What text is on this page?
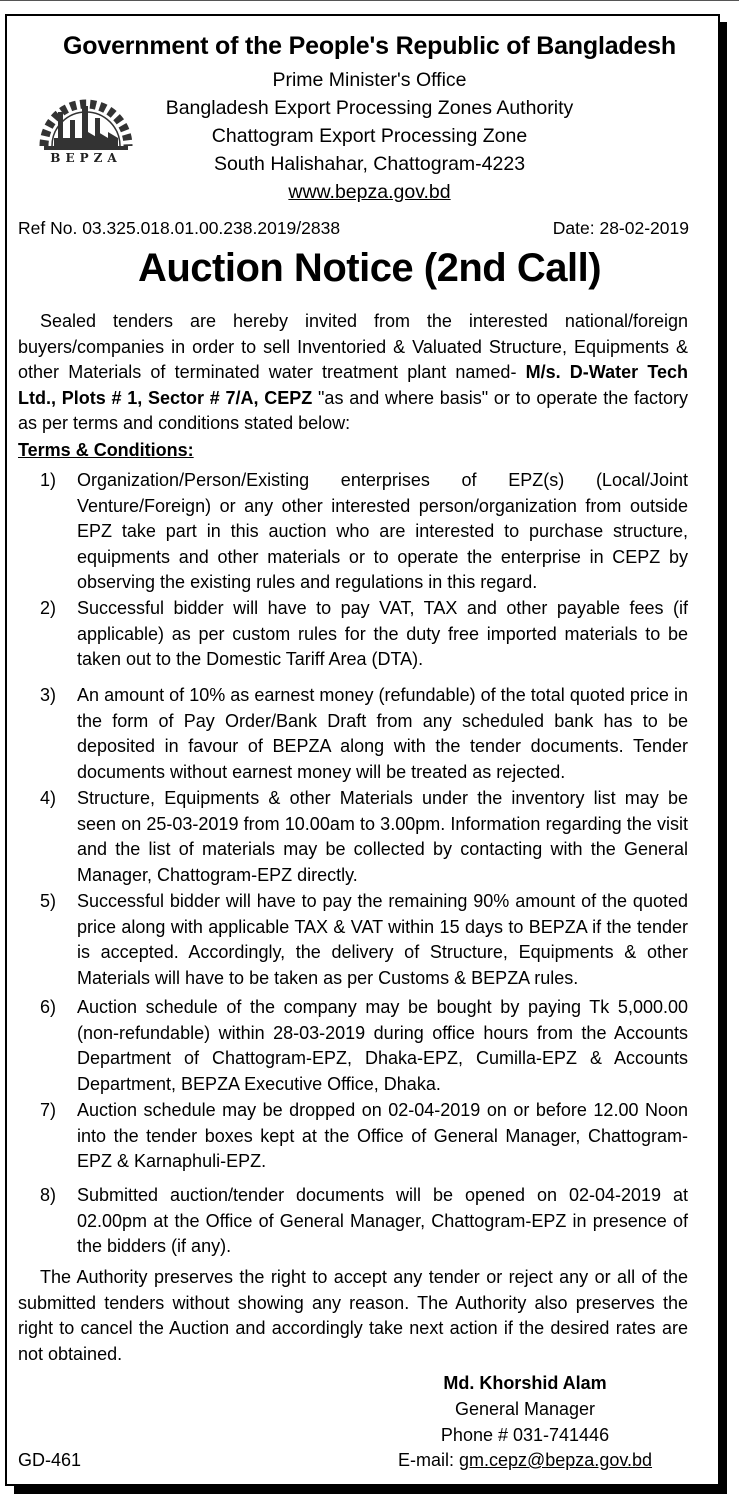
Government of the People's Republic of Bangladesh
Prime Minister's Office
Bangladesh Export Processing Zones Authority
Chattogram Export Processing Zone
South Halishahar, Chattogram-4223
www.bepza.gov.bd
BEPZA
Ref No. 03.325.018.01.00.238.2019/2838	Date: 28-02-2019
Auction Notice (2nd Call)
Sealed tenders are hereby invited from the interested national/foreign buyers/companies in order to sell Inventoried & Valuated Structure, Equipments & other Materials of terminated water treatment plant named- M/s. D-Water Tech Ltd., Plots # 1, Sector # 7/A, CEPZ "as and where basis" or to operate the factory as per terms and conditions stated below:
Terms & Conditions:
1) Organization/Person/Existing enterprises of EPZ(s) (Local/Joint Venture/Foreign) or any other interested person/organization from outside EPZ take part in this auction who are interested to purchase structure, equipments and other materials or to operate the enterprise in CEPZ by observing the existing rules and regulations in this regard.
2) Successful bidder will have to pay VAT, TAX and other payable fees (if applicable) as per custom rules for the duty free imported materials to be taken out to the Domestic Tariff Area (DTA).
3) An amount of 10% as earnest money (refundable) of the total quoted price in the form of Pay Order/Bank Draft from any scheduled bank has to be deposited in favour of BEPZA along with the tender documents. Tender documents without earnest money will be treated as rejected.
4) Structure, Equipments & other Materials under the inventory list may be seen on 25-03-2019 from 10.00am to 3.00pm. Information regarding the visit and the list of materials may be collected by contacting with the General Manager, Chattogram-EPZ directly.
5) Successful bidder will have to pay the remaining 90% amount of the quoted price along with applicable TAX & VAT within 15 days to BEPZA if the tender is accepted. Accordingly, the delivery of Structure, Equipments & other Materials will have to be taken as per Customs & BEPZA rules.
6) Auction schedule of the company may be bought by paying Tk 5,000.00 (non-refundable) within 28-03-2019 during office hours from the Accounts Department of Chattogram-EPZ, Dhaka-EPZ, Cumilla-EPZ & Accounts Department, BEPZA Executive Office, Dhaka.
7) Auction schedule may be dropped on 02-04-2019 on or before 12.00 Noon into the tender boxes kept at the Office of General Manager, Chattogram-EPZ & Karnaphuli-EPZ.
8) Submitted auction/tender documents will be opened on 02-04-2019 at 02.00pm at the Office of General Manager, Chattogram-EPZ in presence of the bidders (if any).
The Authority preserves the right to accept any tender or reject any or all of the submitted tenders without showing any reason. The Authority also preserves the right to cancel the Auction and accordingly take next action if the desired rates are not obtained.
Md. Khorshid Alam
General Manager
Phone # 031-741446
E-mail: gm.cepz@bepza.gov.bd
GD-461
